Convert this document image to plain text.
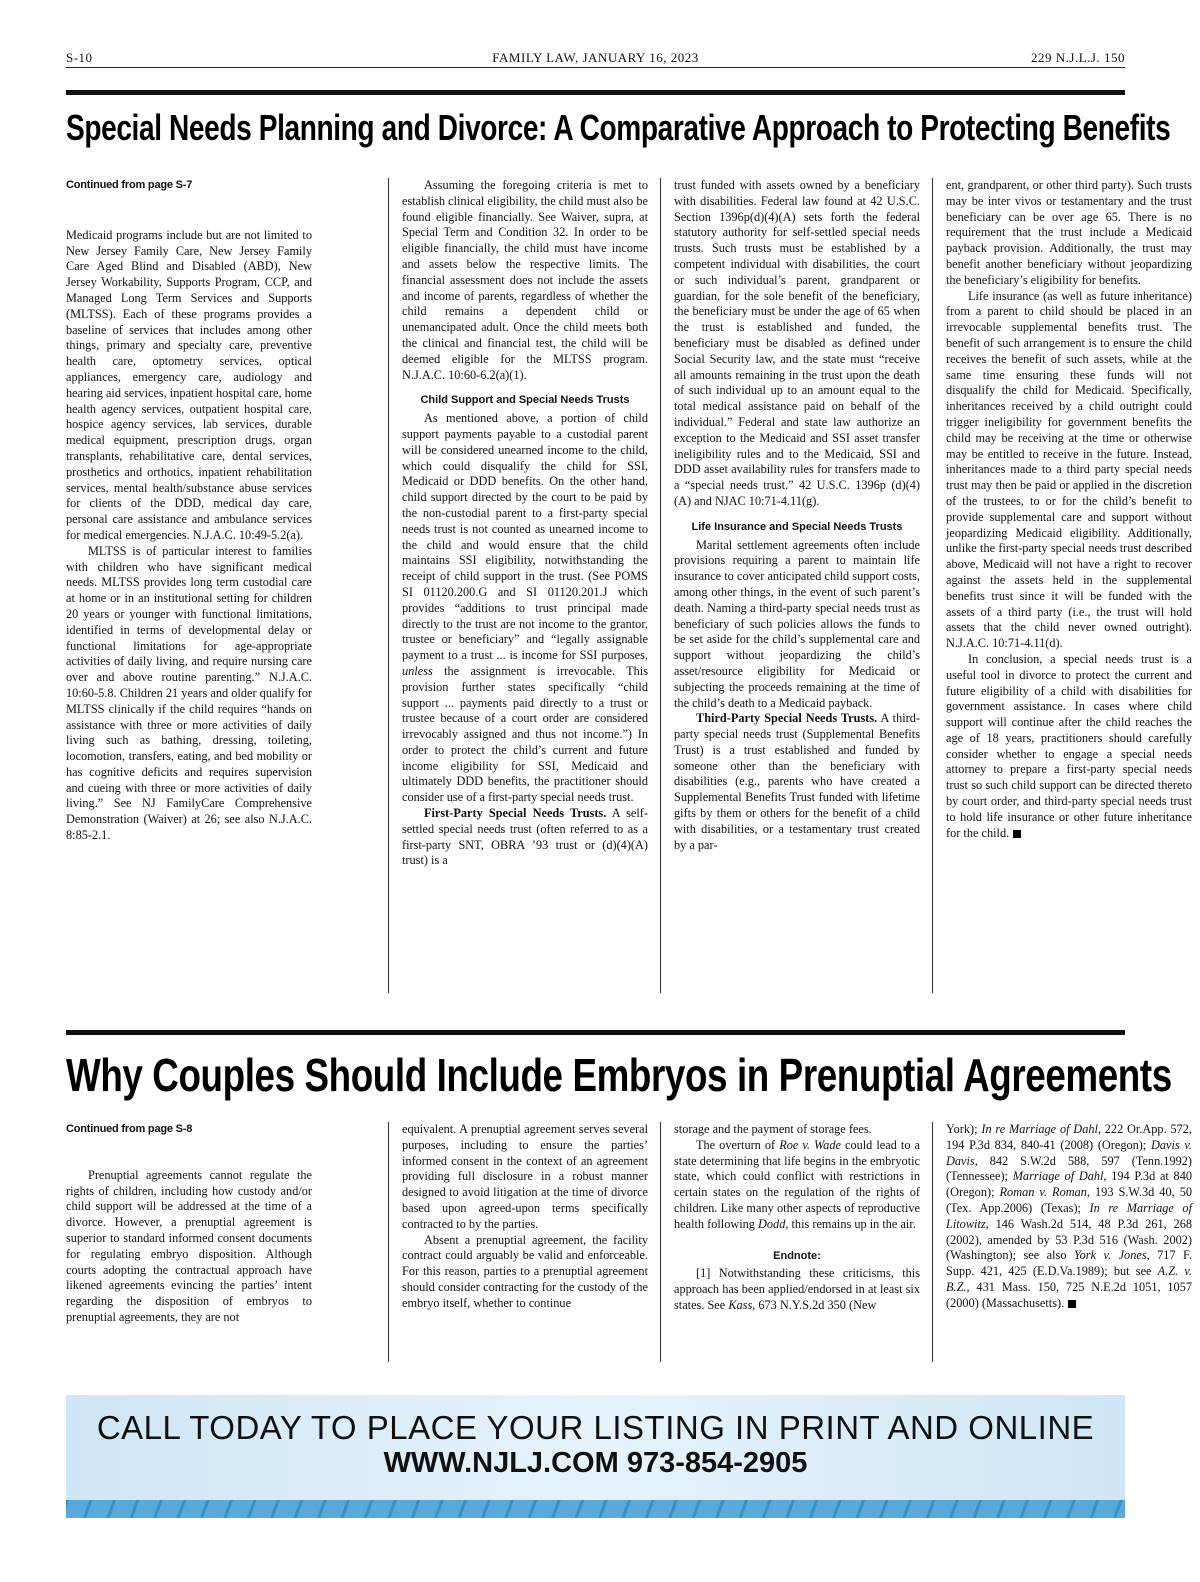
S-10	FAMILY LAW, JANUARY 16, 2023	229 N.J.L.J. 150
Special Needs Planning and Divorce: A Comparative Approach to Protecting Benefits
Continued from page S-7

Medicaid programs include but are not limited to New Jersey Family Care, New Jersey Family Care Aged Blind and Disabled (ABD), New Jersey Workability, Supports Program, CCP, and Managed Long Term Services and Supports (MLTSS). Each of these programs provides a baseline of services that includes among other things, primary and specialty care, preventive health care, optometry services, optical appliances, emergency care, audiology and hearing aid services, inpatient hospital care, home health agency services, outpatient hospital care, hospice agency services, lab services, durable medical equipment, prescription drugs, organ transplants, rehabilitative care, dental services, prosthetics and orthotics, inpatient rehabilitation services, mental health/substance abuse services for clients of the DDD, medical day care, personal care assistance and ambulance services for medical emergencies. N.J.A.C. 10:49-5.2(a).

MLTSS is of particular interest to families with children who have significant medical needs. MLTSS provides long term custodial care at home or in an institutional setting for children 20 years or younger with functional limitations, identified in terms of developmental delay or functional limitations for age-appropriate activities of daily living, and require nursing care over and above routine parenting.” N.J.A.C. 10:60-5.8. Children 21 years and older qualify for MLTSS clinically if the child requires “hands on assistance with three or more activities of daily living such as bathing, dressing, toileting, locomotion, transfers, eating, and bed mobility or has cognitive deficits and requires supervision and cueing with three or more activities of daily living.” See NJ FamilyCare Comprehensive Demonstration (Waiver) at 26; see also N.J.A.C. 8:85-2.1.

Assuming the foregoing criteria is met to establish clinical eligibility, the child must also be found eligible financially. See Waiver, supra, at Special Term and Condition 32. In order to be eligible financially, the child must have income and assets below the respective limits. The financial assessment does not include the assets and income of parents, regardless of whether the child remains a dependent child or unemancipated adult. Once the child meets both the clinical and financial test, the child will be deemed eligible for the MLTSS program. N.J.A.C. 10:60-6.2(a)(1).

Child Support and Special Needs Trusts

As mentioned above, a portion of child support payments payable to a custodial parent will be considered unearned income to the child, which could disqualify the child for SSI, Medicaid or DDD benefits. On the other hand, child support directed by the court to be paid by the non-custodial parent to a first-party special needs trust is not counted as unearned income to the child and would ensure that the child maintains SSI eligibility, notwithstanding the receipt of child support in the trust. (See POMS SI 01120.200.G and SI 01120.201.J which provides “additions to trust principal made directly to the trust are not income to the grantor, trustee or beneficiary” and “legally assignable payment to a trust ... is income for SSI purposes, unless the assignment is irrevocable. This provision further states specifically “child support ... payments paid directly to a trust or trustee because of a court order are considered irrevocably assigned and thus not income.”) In order to protect the child’s current and future income eligibility for SSI, Medicaid and ultimately DDD benefits, the practitioner should consider use of a first-party special needs trust.

First-Party Special Needs Trusts. A self-settled special needs trust (often referred to as a first-party SNT, OBRA ’93 trust or (d)(4)(A) trust) is a

trust funded with assets owned by a beneficiary with disabilities. Federal law found at 42 U.S.C. Section 1396p(d)(4)(A) sets forth the federal statutory authority for self-settled special needs trusts. Such trusts must be established by a competent individual with disabilities, the court or such individual’s parent, grandparent or guardian, for the sole benefit of the beneficiary, the beneficiary must be under the age of 65 when the trust is established and funded, the beneficiary must be disabled as defined under Social Security law, and the state must “receive all amounts remaining in the trust upon the death of such individual up to an amount equal to the total medical assistance paid on behalf of the individual.” Federal and state law authorize an exception to the Medicaid and SSI asset transfer ineligibility rules and to the Medicaid, SSI and DDD asset availability rules for transfers made to a “special needs trust.” 42 U.S.C. 1396p (d)(4)(A) and NJAC 10:71-4.11(g).

Life Insurance and Special Needs Trusts

Marital settlement agreements often include provisions requiring a parent to maintain life insurance to cover anticipated child support costs, among other things, in the event of such parent’s death. Naming a third-party special needs trust as beneficiary of such policies allows the funds to be set aside for the child’s supplemental care and support without jeopardizing the child’s asset/resource eligibility for Medicaid or subjecting the proceeds remaining at the time of the child’s death to a Medicaid payback.

Third-Party Special Needs Trusts. A third-party special needs trust (Supplemental Benefits Trust) is a trust established and funded by someone other than the beneficiary with disabilities (e.g., parents who have created a Supplemental Benefits Trust funded with lifetime gifts by them or others for the benefit of a child with disabilities, or a testamentary trust created by a par-

ent, grandparent, or other third party). Such trusts may be inter vivos or testamentary and the trust beneficiary can be over age 65. There is no requirement that the trust include a Medicaid payback provision. Additionally, the trust may benefit another beneficiary without jeopardizing the beneficiary’s eligibility for benefits.

Life insurance (as well as future inheritance) from a parent to child should be placed in an irrevocable supplemental benefits trust. The benefit of such arrangement is to ensure the child receives the benefit of such assets, while at the same time ensuring these funds will not disqualify the child for Medicaid. Specifically, inheritances received by a child outright could trigger ineligibility for government benefits the child may be receiving at the time or otherwise may be entitled to receive in the future. Instead, inheritances made to a third party special needs trust may then be paid or applied in the discretion of the trustees, to or for the child’s benefit to provide supplemental care and support without jeopardizing Medicaid eligibility. Additionally, unlike the first-party special needs trust described above, Medicaid will not have a right to recover against the assets held in the supplemental benefits trust since it will be funded with the assets of a third party (i.e., the trust will hold assets that the child never owned outright). N.J.A.C. 10:71-4.11(d).

In conclusion, a special needs trust is a useful tool in divorce to protect the current and future eligibility of a child with disabilities for government assistance. In cases where child support will continue after the child reaches the age of 18 years, practitioners should carefully consider whether to engage a special needs attorney to prepare a first-party special needs trust so such child support can be directed thereto by court order, and third-party special needs trust to hold life insurance or other future inheritance for the child.

Why Couples Should Include Embryos in Prenuptial Agreements
Continued from page S-8

Prenuptial agreements cannot regulate the rights of children, including how custody and/or child support will be addressed at the time of a divorce. However, a prenuptial agreement is superior to standard informed consent documents for regulating embryo disposition. Although courts adopting the contractual approach have likened agreements evincing the parties’ intent regarding the disposition of embryos to prenuptial agreements, they are not

equivalent. A prenuptial agreement serves several purposes, including to ensure the parties’ informed consent in the context of an agreement providing full disclosure in a robust manner designed to avoid litigation at the time of divorce based upon agreed-upon terms specifically contracted to by the parties.

Absent a prenuptial agreement, the facility contract could arguably be valid and enforceable. For this reason, parties to a prenuptial agreement should consider contracting for the custody of the embryo itself, whether to continue

storage and the payment of storage fees.

The overturn of Roe v. Wade could lead to a state determining that life begins in the embryotic state, which could conflict with restrictions in certain states on the regulation of the rights of children. Like many other aspects of reproductive health following Dodd, this remains up in the air.

Endnote:

[1] Notwithstanding these criticisms, this approach has been applied/endorsed in at least six states. See Kass, 673 N.Y.S.2d 350 (New

York); In re Marriage of Dahl, 222 Or.App. 572, 194 P.3d 834, 840-41 (2008) (Oregon); Davis v. Davis, 842 S.W.2d 588, 597 (Tenn.1992) (Tennessee); Marriage of Dahl, 194 P.3d at 840 (Oregon); Roman v. Roman, 193 S.W.3d 40, 50 (Tex. App.2006) (Texas); In re Marriage of Litowitz, 146 Wash.2d 514, 48 P.3d 261, 268 (2002), amended by 53 P.3d 516 (Wash. 2002) (Washington); see also York v. Jones, 717 F. Supp. 421, 425 (E.D.Va.1989); but see A.Z. v. B.Z., 431 Mass. 150, 725 N.E.2d 1051, 1057 (2000) (Massachusetts).

CALL TODAY TO PLACE YOUR LISTING IN PRINT AND ONLINE
WWW.NJLJ.COM 973-854-2905
